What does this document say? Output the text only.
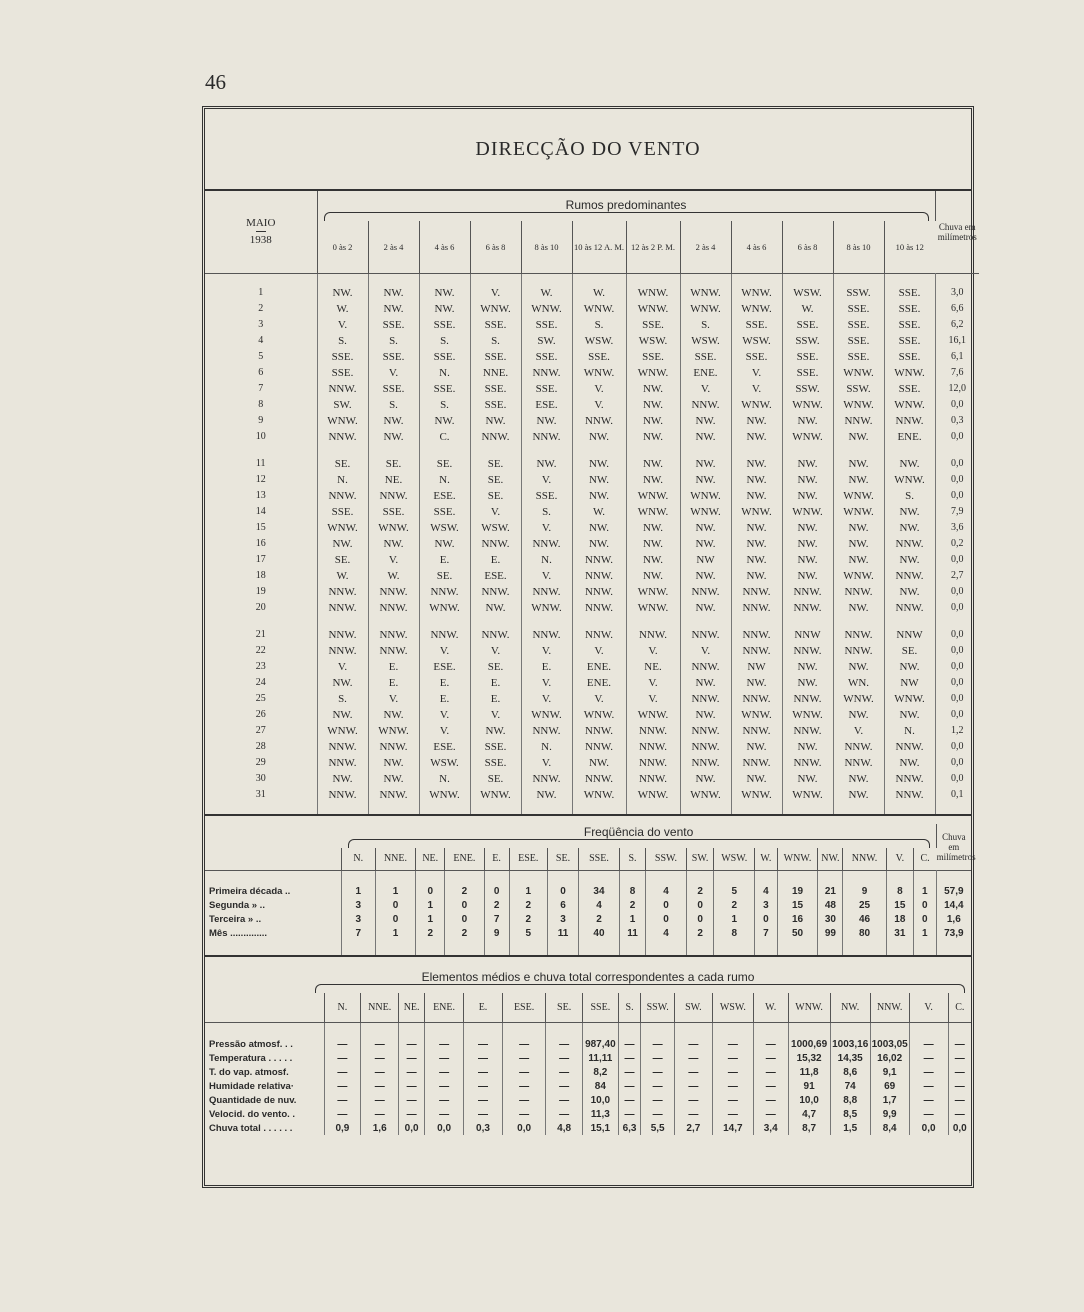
46
DIRECÇÃO DO VENTO
MAIO
1938	Rumos predominantes												Chuva em milímetros
	0 às 2	2 às 4	4 às 6	6 às 8	8 às 10	10 às 12 A. M.	12 às 2 P. M.	2 às 4	4 às 6	6 às 8	8 às 10	10 às 12	

1	NW.	NW.	NW.	V.	W.	W.	WNW.	WNW.	WNW.	WSW.	SSW.	SSE.	3,0
2	W.	NW.	NW.	WNW.	WNW.	WNW.	WNW.	WNW.	WNW.	W.	SSE.	SSE.	6,6
3	V.	SSE.	SSE.	SSE.	SSE.	S.	SSE.	S.	SSE.	SSE.	SSE.	SSE.	6,2
4	S.	S.	S.	S.	SW.	WSW.	WSW.	WSW.	WSW.	SSW.	SSE.	SSE.	16,1
5	SSE.	SSE.	SSE.	SSE.	SSE.	SSE.	SSE.	SSE.	SSE.	SSE.	SSE.	SSE.	6,1
6	SSE.	V.	N.	NNE.	NNW.	WNW.	WNW.	ENE.	V.	SSE.	WNW.	WNW.	7,6
7	NNW.	SSE.	SSE.	SSE.	SSE.	V.	NW.	V.	V.	SSW.	SSW.	SSE.	12,0
8	SW.	S.	S.	SSE.	ESE.	V.	NW.	NNW.	WNW.	WNW.	WNW.	WNW.	0,0
9	WNW.	NW.	NW.	NW.	NW.	NNW.	NW.	NW.	NW.	NW.	NNW.	NNW.	0,3
10	NNW.	NW.	C.	NNW.	NNW.	NW.	NW.	NW.	NW.	WNW.	NW.	ENE.	0,0

11	SE.	SE.	SE.	SE.	NW.	NW.	NW.	NW.	NW.	NW.	NW.	NW.	0,0
12	N.	NE.	N.	SE.	V.	NW.	NW.	NW.	NW.	NW.	NW.	WNW.	0,0
13	NNW.	NNW.	ESE.	SE.	SSE.	NW.	WNW.	WNW.	NW.	NW.	WNW.	S.	0,0
14	SSE.	SSE.	SSE.	V.	S.	W.	WNW.	WNW.	WNW.	WNW.	WNW.	NW.	7,9
15	WNW.	WNW.	WSW.	WSW.	V.	NW.	NW.	NW.	NW.	NW.	NW.	NW.	3,6
16	NW.	NW.	NW.	NNW.	NNW.	NW.	NW.	NW.	NW.	NW.	NW.	NNW.	0,2
17	SE.	V.	E.	E.	N.	NNW.	NW.	NW	NW.	NW.	NW.	NW.	0,0
18	W.	W.	SE.	ESE.	V.	NNW.	NW.	NW.	NW.	NW.	WNW.	NNW.	2,7
19	NNW.	NNW.	NNW.	NNW.	NNW.	NNW.	WNW.	NNW.	NNW.	NNW.	NNW.	NW.	0,0
20	NNW.	NNW.	WNW.	NW.	WNW.	NNW.	WNW.	NW.	NNW.	NNW.	NW.	NNW.	0,0

21	NNW.	NNW.	NNW.	NNW.	NNW.	NNW.	NNW.	NNW.	NNW.	NNW	NNW.	NNW	0,0
22	NNW.	NNW.	V.	V.	V.	V.	V.	V.	NNW.	NNW.	NNW.	SE.	0,0
23	V.	E.	ESE.	SE.	E.	ENE.	NE.	NNW.	NW	NW.	NW.	NW.	0,0
24	NW.	E.	E.	E.	V.	ENE.	V.	NW.	NW.	NW.	WN.	NW	0,0
25	S.	V.	E.	E.	V.	V.	V.	NNW.	NNW.	NNW.	WNW.	WNW.	0,0
26	NW.	NW.	V.	V.	WNW.	WNW.	WNW.	NW.	WNW.	WNW.	NW.	NW.	0,0
27	WNW.	WNW.	V.	NW.	NNW.	NNW.	NNW.	NNW.	NNW.	NNW.	V.	N.	1,2
28	NNW.	NNW.	ESE.	SSE.	N.	NNW.	NNW.	NNW.	NW.	NW.	NNW.	NNW.	0,0
29	NNW.	NW.	WSW.	SSE.	V.	NW.	NNW.	NNW.	NNW.	NNW.	NNW.	NW.	0,0
30	NW.	NW.	N.	SE.	NNW.	NNW.	NNW.	NW.	NW.	NW.	NW.	NNW.	0,0
31	NNW.	NNW.	WNW.	WNW.	NW.	WNW.	WNW.	WNW.	WNW.	WNW.	NW.	NNW.	0,1

	Freqüência do vento																		Chuva em milímetros
	N.	NNE.	NE.	ENE.	E.	ESE.	SE.	SSE.	S.	SSW.	SW.	WSW.	W.	WNW.	NW.	NNW.	V.	C.	

Primeira década ..	1	1	0	2	0	1	0	34	8	4	2	5	4	19	21	9	8	1	57,9
Segunda » ..	3	0	1	0	2	2	6	4	2	0	0	2	3	15	48	25	15	0	14,4
Terceira » ..	3	0	1	0	7	2	3	2	1	0	0	1	0	16	30	46	18	0	1,6
Mês ..............	7	1	2	2	9	5	11	40	11	4	2	8	7	50	99	80	31	1	73,9

Elementos médios e chuva total correspondentes a cada rumo																		

	N.	NNE.	NE.	ENE.	E.	ESE.	SE.	SSE.	S.	SSW.	SW.	WSW.	W.	WNW.	NW.	NNW.	V.	C.

Pressão atmosf. . .	—	—	—	—	—	—	—	987,40	—	—	—	—	—	1000,69	1003,16	1003,05	—	—
Temperatura . . . . .	—	—	—	—	—	—	—	11,11	—	—	—	—	—	15,32	14,35	16,02	—	—
T. do vap. atmosf.	—	—	—	—	—	—	—	8,2	—	—	—	—	—	11,8	8,6	9,1	—	—
Humidade relativa·	—	—	—	—	—	—	—	84	—	—	—	—	—	91	74	69	—	—
Quantidade de nuv.	—	—	—	—	—	—	—	10,0	—	—	—	—	—	10,0	8,8	1,7	—	—
Velocid. do vento. .	—	—	—	—	—	—	—	11,3	—	—	—	—	—	4,7	8,5	9,9	—	—
Chuva total . . . . . .	0,9	1,6	0,0	0,0	0,3	0,0	4,8	15,1	6,3	5,5	2,7	14,7	3,4	8,7	1,5	8,4	0,0	0,0
